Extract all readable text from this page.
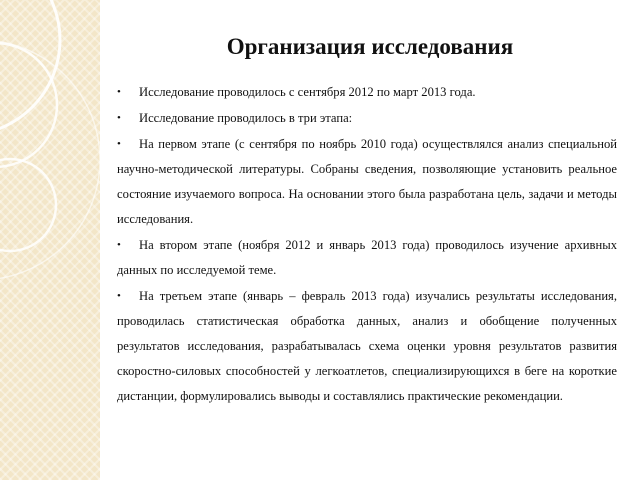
Организация исследования
• Исследование проводилось с сентября 2012 по март 2013 года.
• Исследование проводилось в три этапа:
• На первом этапе (с сентября по ноябрь 2010 года) осуществлялся анализ специальной научно-методической литературы. Собраны сведения, позволяющие установить реальное состояние изучаемого вопроса. На основании этого была разработана цель, задачи и методы исследования.
• На втором этапе (ноября 2012 и январь 2013 года) проводилось изучение архивных данных по исследуемой теме.
• На третьем этапе (январь – февраль 2013 года) изучались результаты исследования, проводилась статистическая обработка данных, анализ и обобщение полученных результатов исследования, разрабатывалась схема оценки уровня результатов развития скоростно-силовых способностей у легкоатлетов, специализирующихся в беге на короткие дистанции, формулировались выводы и составлялись практические рекомендации.
